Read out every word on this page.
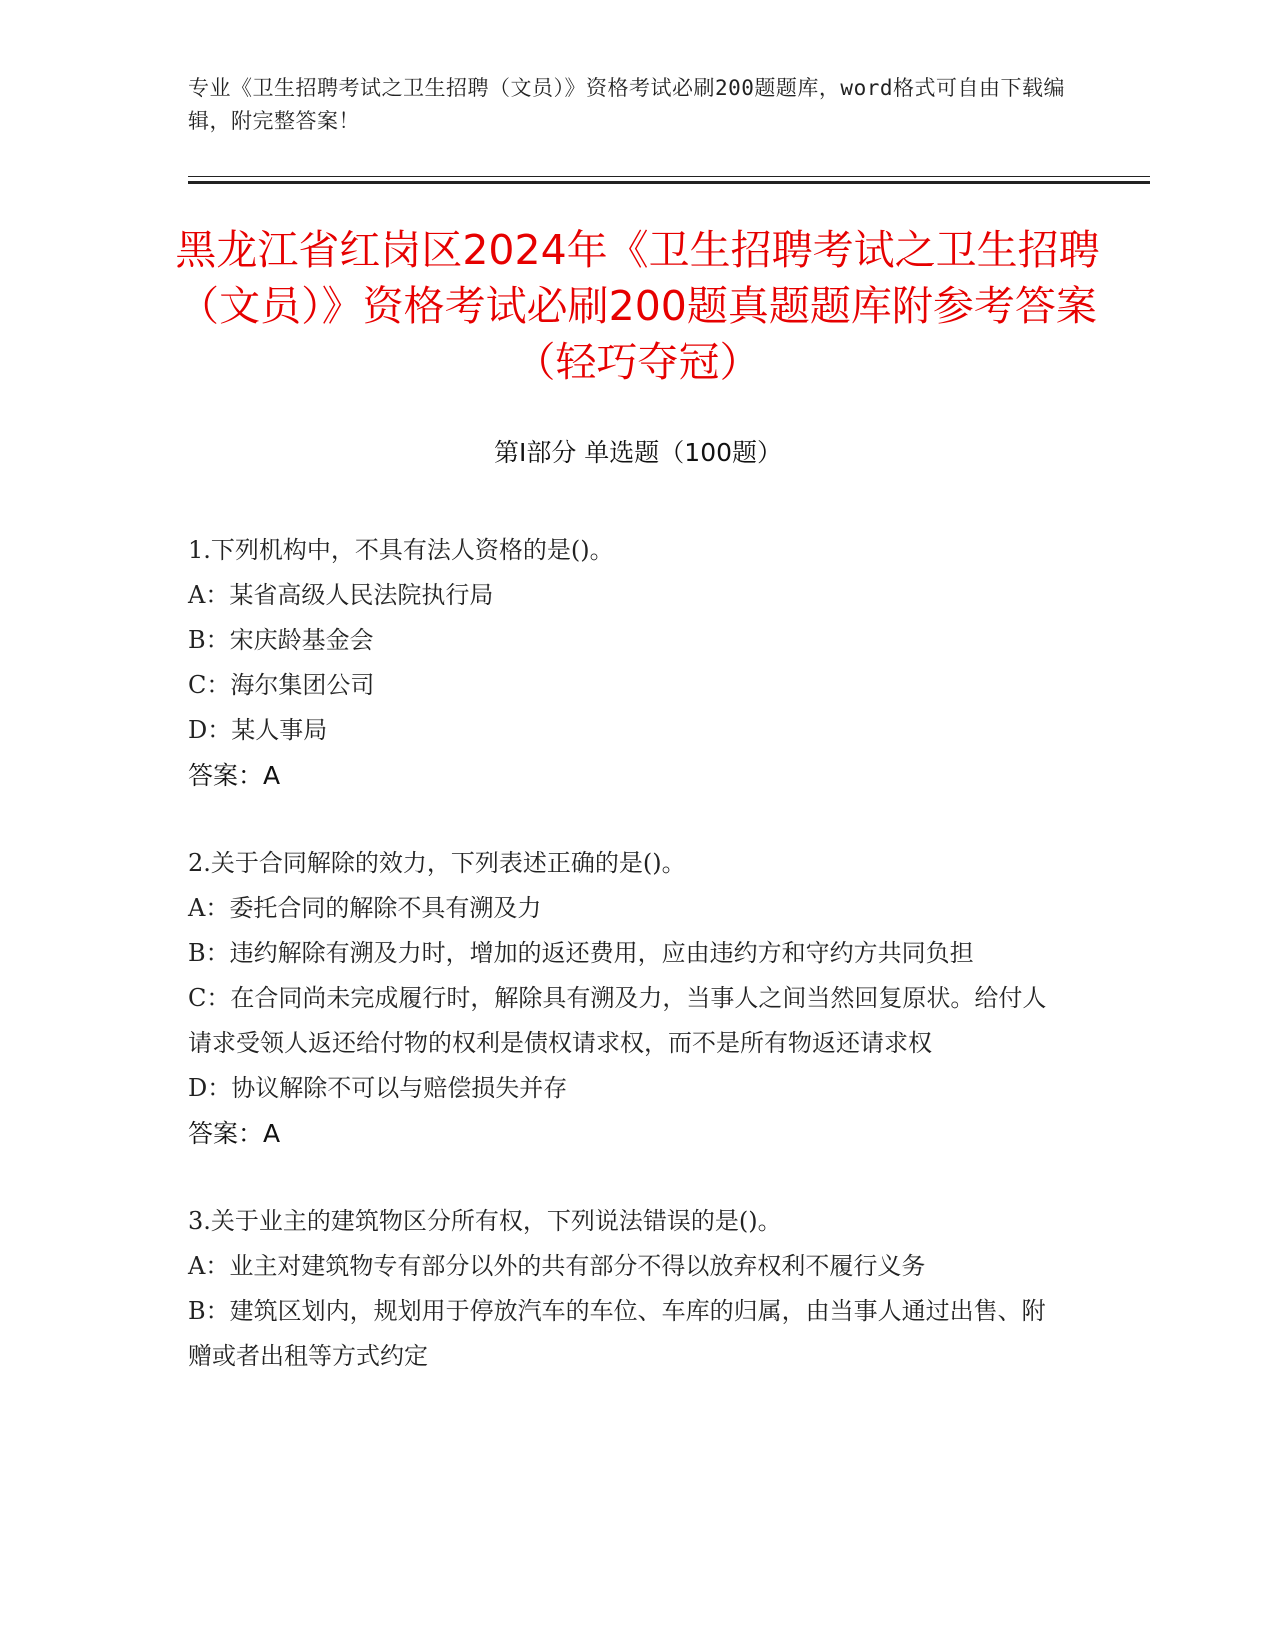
专业《卫生招聘考试之卫生招聘（文员）》资格考试必刷200题题库，word格式可自由下载编辑，附完整答案！
黑龙江省红岗区2024年《卫生招聘考试之卫生招聘（文员）》资格考试必刷200题真题题库附参考答案（轻巧夺冠）
第Ⅰ部分 单选题（100题）
1.下列机构中，不具有法人资格的是()。
A：某省高级人民法院执行局
B：宋庆龄基金会
C：海尔集团公司
D：某人事局
答案：A
2.关于合同解除的效力，下列表述正确的是()。
A：委托合同的解除不具有溯及力
B：违约解除有溯及力时，增加的返还费用，应由违约方和守约方共同负担
C：在合同尚未完成履行时，解除具有溯及力，当事人之间当然回复原状。给付人请求受领人返还给付物的权利是债权请求权，而不是所有物返还请求权
D：协议解除不可以与赔偿损失并存
答案：A
3.关于业主的建筑物区分所有权，下列说法错误的是()。
A：业主对建筑物专有部分以外的共有部分不得以放弃权利不履行义务
B：建筑区划内，规划用于停放汽车的车位、车库的归属，由当事人通过出售、附赠或者出租等方式约定
